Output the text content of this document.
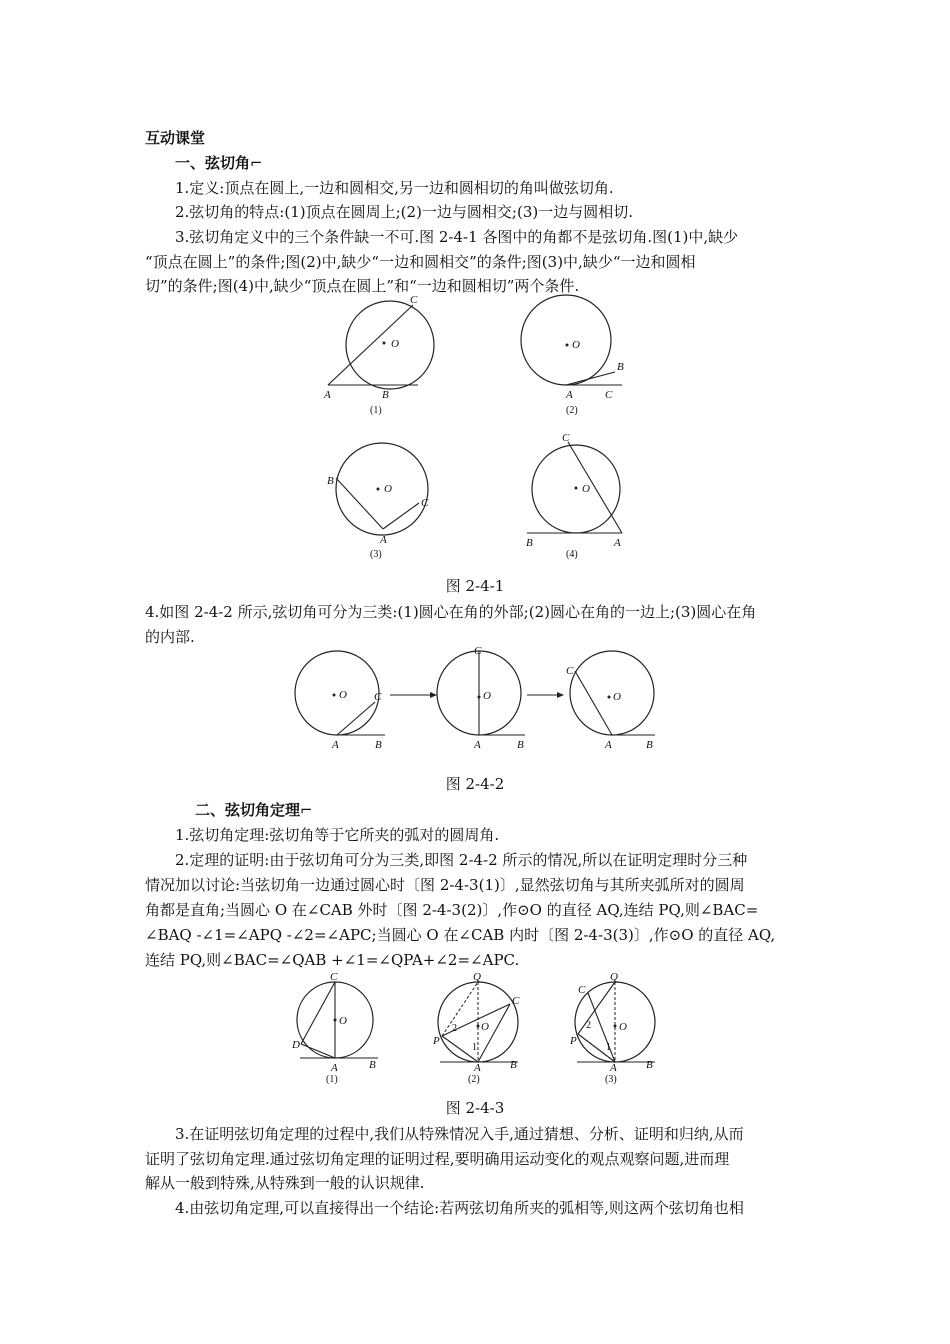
互动课堂
一、弦切角⌐
1.定义:顶点在圆上,一边和圆相交,另一边和圆相切的角叫做弦切角.
2.弦切角的特点:(1)顶点在圆周上;(2)一边与圆相交;(3)一边与圆相切.
3.弦切角定义中的三个条件缺一不可.图 2-4-1 各图中的角都不是弦切角.图(1)中,缺少
“顶点在圆上”的条件;图(2)中,缺少“一边和圆相交”的条件;图(3)中,缺少“一边和圆相
切”的条件;图(4)中,缺少“顶点在圆上”和“一边和圆相切”两个条件.
O
C
A	B
(1)
O
B
A	C
(2)
O
B
C
A
(3)
O
C
B	A
(4)
图 2-4-1
4.如图 2-4-2 所示,弦切角可分为三类:(1)圆心在角的外部;(2)圆心在角的一边上;(3)圆心在角
的内部.
O C
A	B
O
C
A	B
O
C
A	B
图 2-4-2
二、弦切角定理⌐
1.弦切角定理:弦切角等于它所夹的弧对的圆周角.
2.定理的证明:由于弦切角可分为三类,即图 2-4-2 所示的情况,所以在证明定理时分三种
情况加以讨论:当弦切角一边通过圆心时〔图 2-4-3(1)〕,显然弦切角与其所夹弧所对的圆周
角都是直角;当圆心 O 在∠CAB 外时〔图 2-4-3(2)〕,作⊙O 的直径 AQ,连结 PQ,则∠BAC=
∠BAQ -∠1=∠APQ -∠2=∠APC;当圆心 O 在∠CAB 内时〔图 2-4-3(3)〕,作⊙O 的直径 AQ,
连结 PQ,则∠BAC=∠QAB +∠1=∠QPA+∠2=∠APC.
O
C
D
A	B
(1)
O
Q
C
P
2
1
A	B
(2)
O
Q
C
P
2
1
A	B
(3)
图 2-4-3
3.在证明弦切角定理的过程中,我们从特殊情况入手,通过猜想、分析、证明和归纳,从而
证明了弦切角定理.通过弦切角定理的证明过程,要明确用运动变化的观点观察问题,进而理
解从一般到特殊,从特殊到一般的认识规律.
4.由弦切角定理,可以直接得出一个结论:若两弦切角所夹的弧相等,则这两个弦切角也相
